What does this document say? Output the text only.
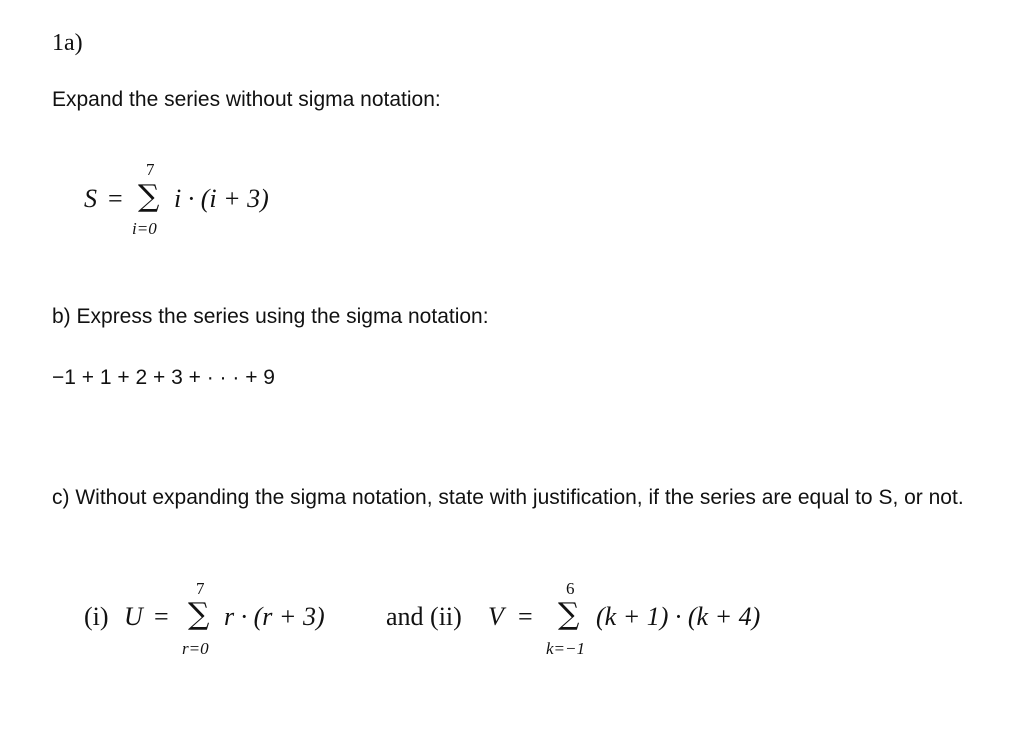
1a)
Expand the series without sigma notation:
S =
7
∑
i=0
i · (i + 3)
b) Express the series using the sigma notation:
−1 + 1 + 2 + 3 + · · · + 9
c) Without expanding the sigma notation, state with justification, if the series are equal to S, or not.
(i) U =
7
∑
r=0
r · (r + 3) and (ii) V =
6
∑
k=−1
(k + 1) · (k + 4)
